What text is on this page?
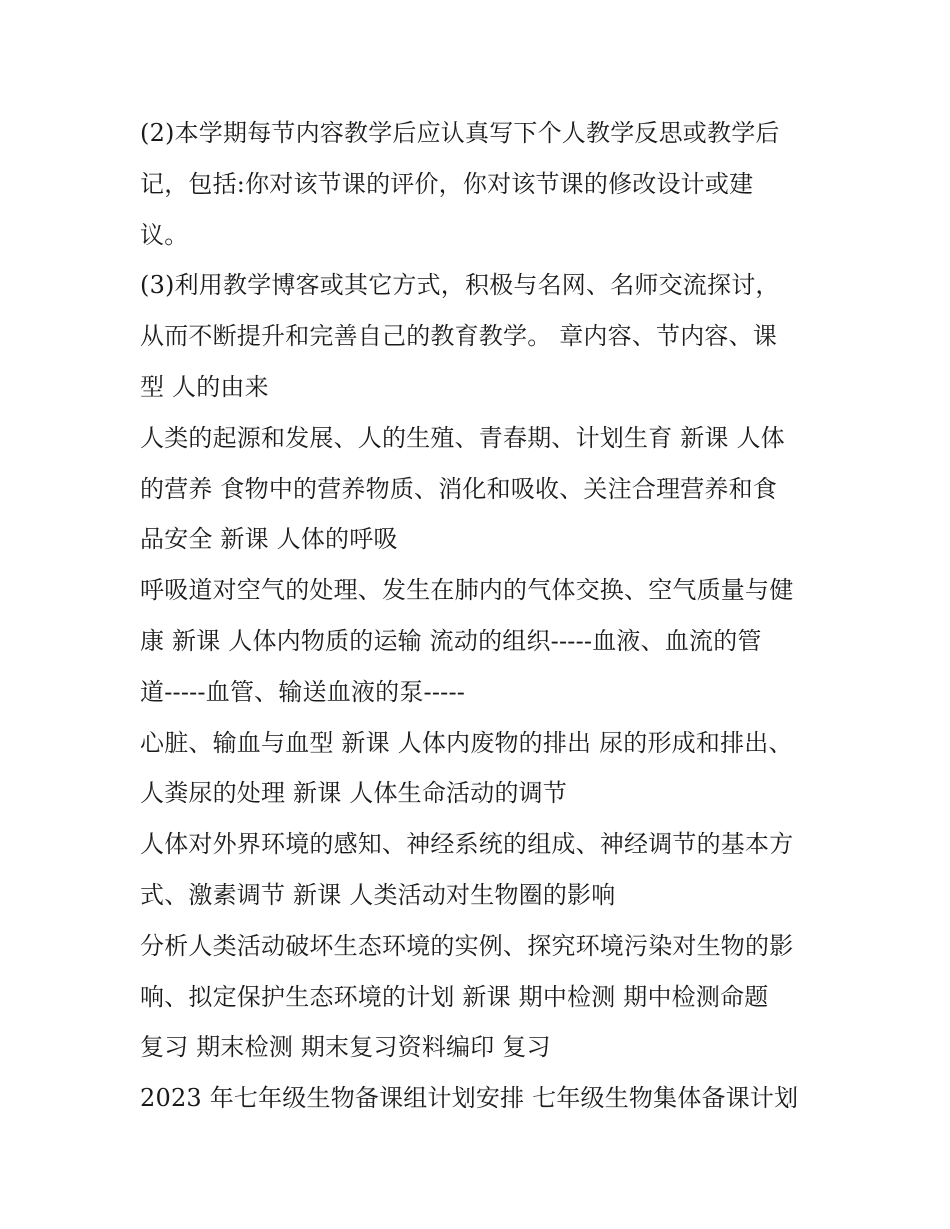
(2)本学期每节内容教学后应认真写下个人教学反思或教学后
记，包括:你对该节课的评价，你对该节课的修改设计或建
议。
(3)利用教学博客或其它方式，积极与名网、名师交流探讨，
从而不断提升和完善自己的教育教学。 章内容、节内容、课
型 人的由来
人类的起源和发展、人的生殖、青春期、计划生育 新课 人体
的营养 食物中的营养物质、消化和吸收、关注合理营养和食
品安全 新课 人体的呼吸
呼吸道对空气的处理、发生在肺内的气体交换、空气质量与健
康 新课 人体内物质的运输 流动的组织-----血液、血流的管
道-----血管、输送血液的泵-----
心脏、输血与血型 新课 人体内废物的排出 尿的形成和排出、
人粪尿的处理 新课 人体生命活动的调节
人体对外界环境的感知、神经系统的组成、神经调节的基本方
式、激素调节 新课 人类活动对生物圈的影响
分析人类活动破坏生态环境的实例、探究环境污染对生物的影
响、拟定保护生态环境的计划 新课 期中检测 期中检测命题
复习 期末检测 期末复习资料编印 复习
2023 年七年级生物备课组计划安排 七年级生物集体备课计划
